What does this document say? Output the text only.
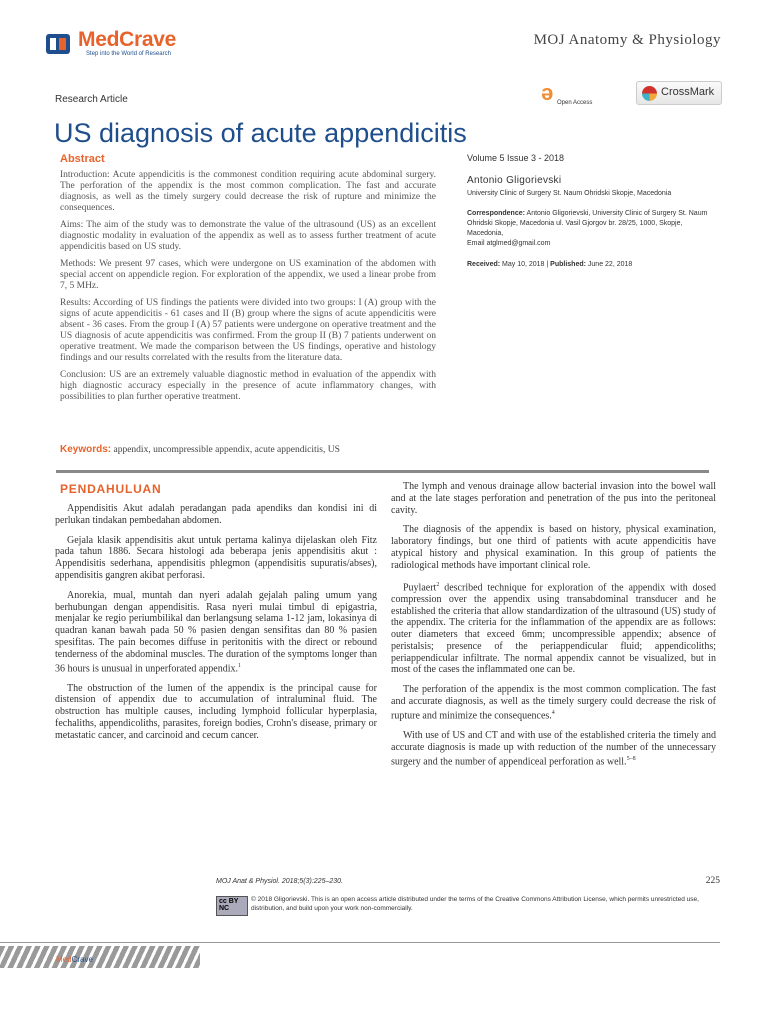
MedCrave
Step into the World of Research
MOJ Anatomy & Physiology
Research Article	ə Open Access
CrossMark
US diagnosis of acute appendicitis
Abstract

Introduction: Acute appendicitis is the commonest condition requiring acute abdominal surgery. The perforation of the appendix is the most common complication. The fast and accurate diagnosis, as well as the timely surgery could decrease the risk of rupture and minimize the consequences.

Aims: The aim of the study was to demonstrate the value of the ultrasound (US) as an excellent diagnostic modality in evaluation of the appendix as well as to assess further treatment of acute appendicitis based on US study.

Methods: We present 97 cases, which were undergone on US examination of the abdomen with special accent on appendicle region. For exploration of the appendix, we used a linear probe from 7, 5 MHz.

Results: According of US findings the patients were divided into two groups: I (A) group with the signs of acute appendicitis - 61 cases and II (B) group where the signs of acute appendicitis were absent - 36 cases. From the group I (A) 57 patients were undergone on operative treatment and the US diagnosis of acute appendicitis was confirmed. From the group II (B) 7 patients underwent on operative treatment. We made the comparison between the US findings, operative and histology findings and our results correlated with the results from the literature data.

Conclusion: US are an extremely valuable diagnostic method in evaluation of the appendix with high diagnostic accuracy especially in the presence of acute inflammatory changes, with possibilities to plan further operative treatment.

Keywords: appendix, uncompressible appendix, acute appendicitis, US
Volume 5 Issue 3 - 2018
Antonio Gligorievski
University Clinic of Surgery St. Naum Ohridski Skopje, Macedonia
Correspondence: Antonio Gligorievski, University Clinic of Surgery St. Naum Ohridski Skopje, Macedonia ul. Vasil Gjorgov br. 28/25, 1000, Skopje, Macedonia,
Email atglmed@gmail.com
Received: May 10, 2018 | Published: June 22, 2018
PENDAHULUAN

Appendisitis Akut adalah peradangan pada apendiks dan kondisi ini di perlukan tindakan pembedahan abdomen.

Gejala klasik appendisitis akut untuk pertama kalinya dijelaskan oleh Fitz pada tahun 1886. Secara histologi ada beberapa jenis appendisitis akut : Appendisitis sederhana, appendisitis phlegmon (appendisitis supuratis/abses), appendisitis gangren akibat perforasi.

Anorekia, mual, muntah dan nyeri adalah gejalah paling umum yang berhubungan dengan appendisitis. Rasa nyeri mulai timbul di epigastria, menjalar ke regio periumbilikal dan berlangsung selama 1-12 jam, lokasinya di quadran kanan bawah pada 50 % pasien dengan sensifitas dan 80 % pasien spesifitas. The pain becomes diffuse in peritonitis with the direct or rebound tenderness of the abdominal muscles. The duration of the symptoms longer than 36 hours is unusual in unperforated appendix.$^1$

The obstruction of the lumen of the appendix is the principal cause for distension of appendix due to accumulation of intraluminal fluid. The obstruction has multiple causes, including lymphoid follicular hyperplasia, fechaliths, appendicoliths, parasites, foreign bodies, Crohn's disease, primary or metastatic cancer, and carcinoid and cecum cancer.

The lymph and venous drainage allow bacterial invasion into the bowel wall and at the late stages perforation and penetration of the pus into the peritoneal cavity.

The diagnosis of the appendix is based on history, physical examination, laboratory findings, but one third of patients with acute appendicitis have atypical history and physical examination. In this group of patients the radiological methods have important clinical role.

Puylaert$^2$ described technique for exploration of the appendix with dosed compression over the appendix using transabdominal transducer and he established the criteria that allow standardization of the ultrasound (US) study of the appendix. The criteria for the inflammation of the appendix are as follows: outer diameters that exceed 6mm; uncompressible appendix; absence of peristalsis; presence of the periappendicular fluid; appendicoliths; periappendicular infiltrate. The normal appendix cannot be visualized, but in most of the cases the inflammated one can be.

The perforation of the appendix is the most common complication. The fast and accurate diagnosis, as well as the timely surgery could decrease the risk of rupture and minimize the consequences.$^4$

With use of US and CT and with use of the established criteria the timely and accurate diagnosis is made up with reduction of the number of the unnecessary surgery and the number of appendiceal perforation as well.$^{5-8}$

MOJ Anat & Physiol. 2018;5(3):225‒230.	225
cc BY NC
© 2018 Gligorievski. This is an open access article distributed under the terms of the Creative Commons Attribution License, which permits unrestricted use, distribution, and build upon your work non-commercially.
MedCrave
